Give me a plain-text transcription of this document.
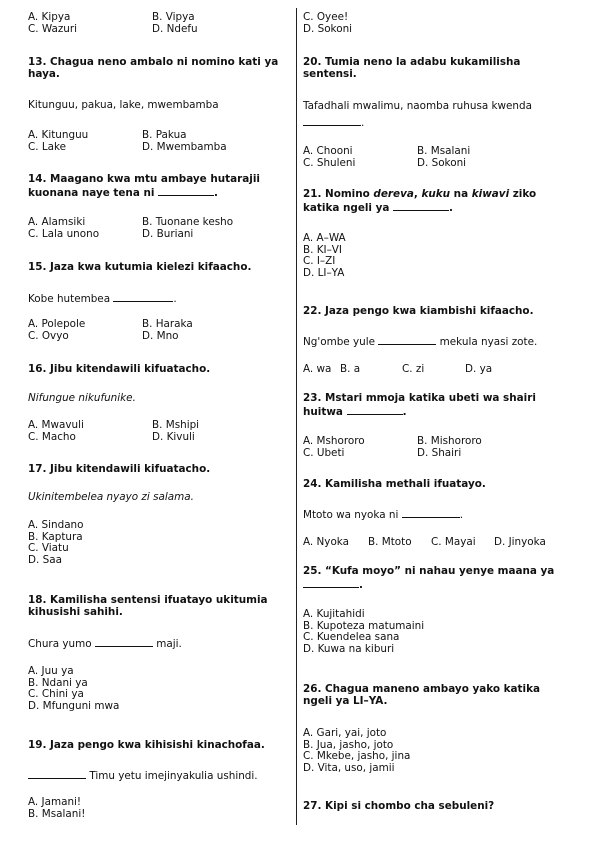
A. Kipya	B. Vipya
C. Wazuri	D. Ndefu
13. Chagua neno ambalo ni nomino kati ya haya.
Kitunguu, pakua, lake, mwembamba
A. Kitunguu	B. Pakua
C. Lake	D. Mwembamba
14. Maagano kwa mtu ambaye hutarajii kuonana naye tena ni	.
A. Alamsiki	B. Tuonane kesho
C. Lala unono	D. Buriani
15. Jaza kwa kutumia kielezi kifaacho.
Kobe hutembea	.
A. Polepole	B. Haraka
C. Ovyo	D. Mno
16. Jibu kitendawili kifuatacho.
Nifungue nikufunike.
A. Mwavuli	B. Mshipi
C. Macho	D. Kivuli
17. Jibu kitendawili kifuatacho.
Ukinitembelea nyayo zi salama.
A. Sindano
B. Kaptura
C. Viatu
D. Saa
18. Kamilisha sentensi ifuatayo ukitumia kihusishi sahihi.
Chura yumo	maji.
A. Juu ya
B. Ndani ya
C. Chini ya
D. Mfunguni mwa
19. Jaza pengo kwa kihisishi kinachofaa.
Timu yetu imejinyakulia ushindi.
A. Jamani!
B. Msalani!
C. Oyee!
D. Sokoni
20. Tumia neno la adabu kukamilisha sentensi.
Tafadhali mwalimu, naomba ruhusa kwenda
.
A. Chooni	B. Msalani
C. Shuleni	D. Sokoni
21. Nomino dereva, kuku na kiwavi ziko katika ngeli ya	.
A. A–WA
B. KI–VI
C. I–ZI
D. LI–YA
22. Jaza pengo kwa kiambishi kifaacho.
Ng'ombe yule	mekula nyasi zote.
A. wa B. a	C. zi	D. ya
23. Mstari mmoja katika ubeti wa shairi huitwa	.
A. Mshororo	B. Mishororo
C. Ubeti	D. Shairi
24. Kamilisha methali ifuatayo.
Mtoto wa nyoka ni	.
A. Nyoka	B. Mtoto	C. Mayai	D. Jinyoka
25. “Kufa moyo” ni nahau yenye maana ya .
A. Kujitahidi
B. Kupoteza matumaini
C. Kuendelea sana
D. Kuwa na kiburi
26. Chagua maneno ambayo yako katika ngeli ya LI–YA.
A. Gari, yai, joto
B. Jua, jasho, joto
C. Mkebe, jasho, jina
D. Vita, uso, jamii
27. Kipi si chombo cha sebuleni?
